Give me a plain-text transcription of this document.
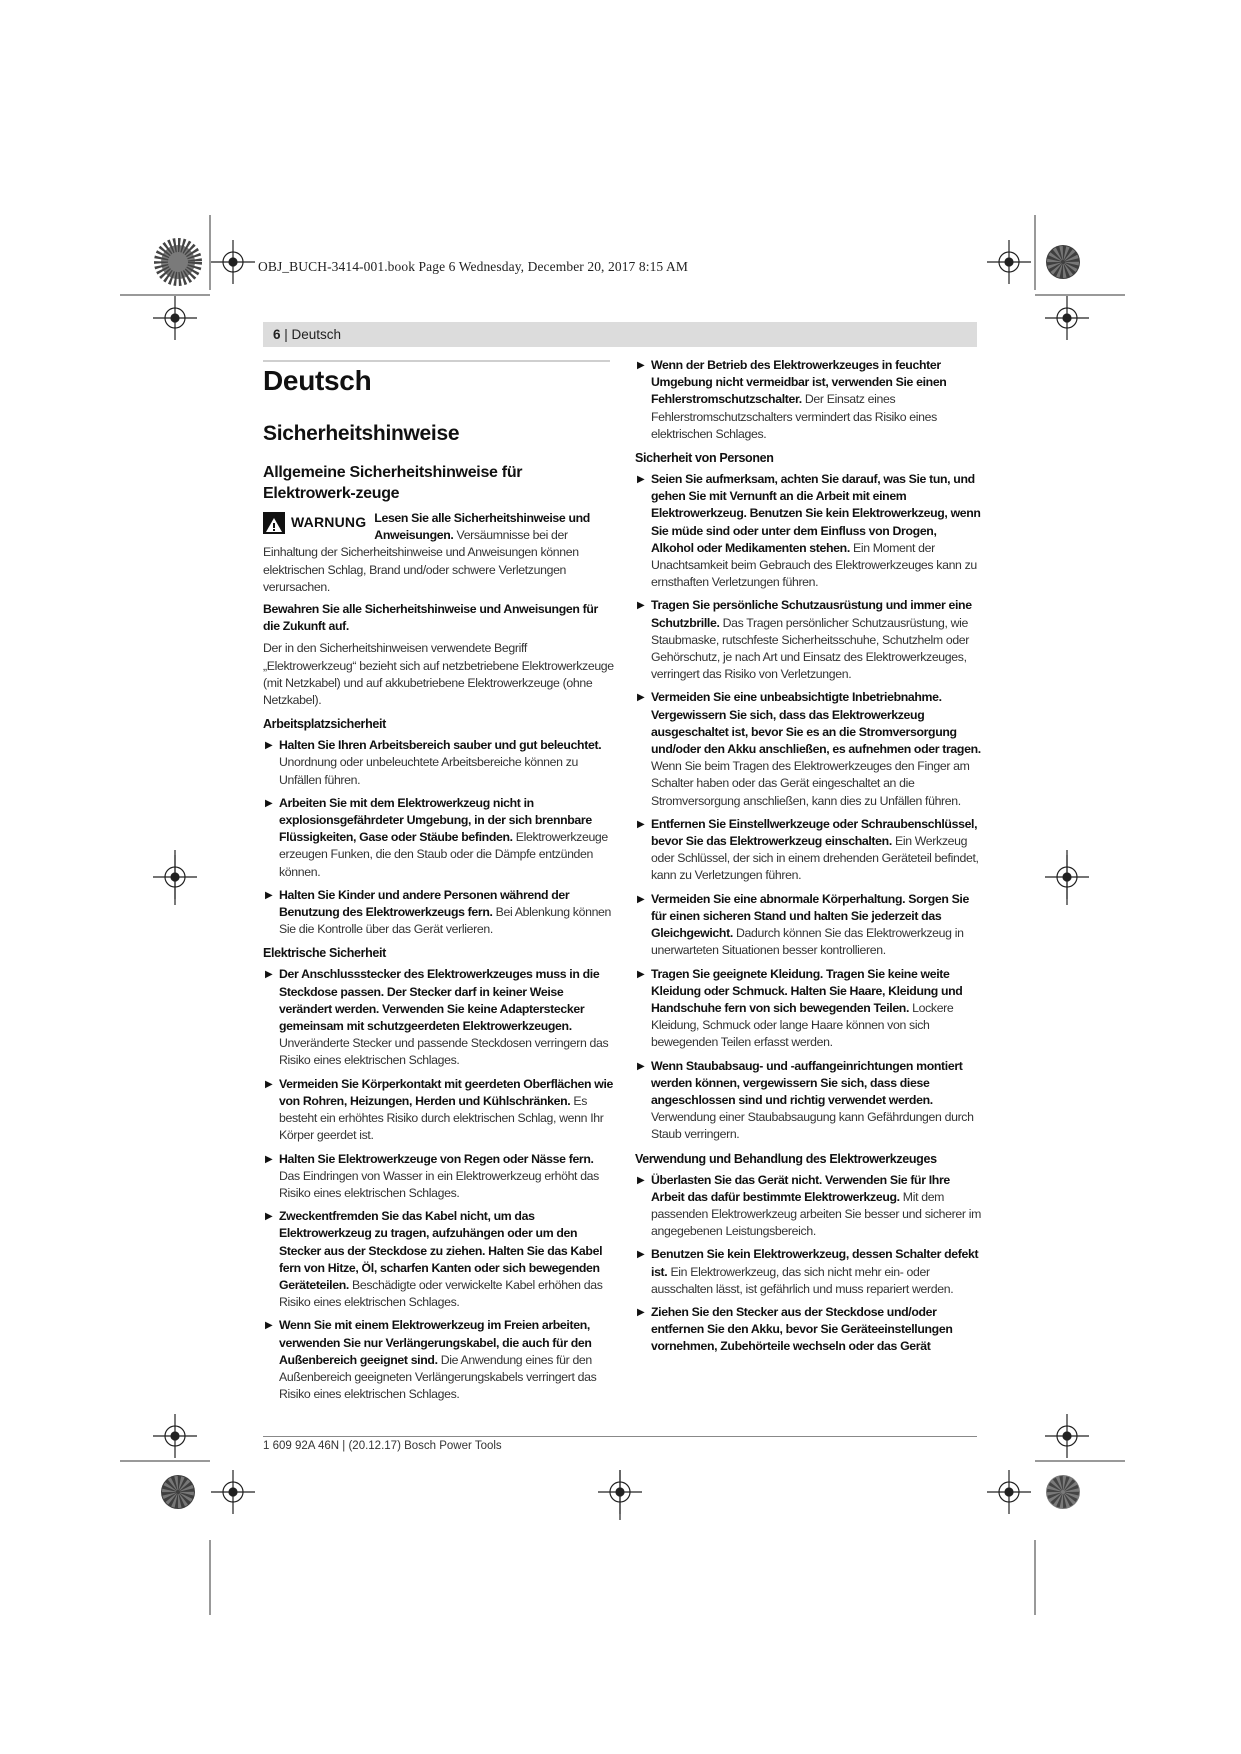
OBJ_BUCH-3414-001.book Page 6 Wednesday, December 20, 2017 8:15 AM
6 | Deutsch
Deutsch
Sicherheitshinweise
Allgemeine Sicherheitshinweise für Elektrowerk-zeuge
WARNUNG Lesen Sie alle Sicherheitshinweise und Anweisungen. Versäumnisse bei der Einhaltung der Sicherheitshinweise und Anweisungen können elektrischen Schlag, Brand und/oder schwere Verletzungen verursachen.

Bewahren Sie alle Sicherheitshinweise und Anweisungen für die Zukunft auf.

Der in den Sicherheitshinweisen verwendete Begriff „Elektrowerkzeug“ bezieht sich auf netzbetriebene Elektrowerkzeuge (mit Netzkabel) und auf akkubetriebene Elektrowerkzeuge (ohne Netzkabel).

Arbeitsplatzsicherheit
▶
Halten Sie Ihren Arbeitsbereich sauber und gut beleuchtet. Unordnung oder unbeleuchtete Arbeitsbereiche können zu Unfällen führen.
▶
Arbeiten Sie mit dem Elektrowerkzeug nicht in explosionsgefährdeter Umgebung, in der sich brennbare Flüssigkeiten, Gase oder Stäube befinden. Elektrowerkzeuge erzeugen Funken, die den Staub oder die Dämpfe entzünden können.
▶
Halten Sie Kinder und andere Personen während der Benutzung des Elektrowerkzeugs fern. Bei Ablenkung können Sie die Kontrolle über das Gerät verlieren.
Elektrische Sicherheit
▶
Der Anschlussstecker des Elektrowerkzeuges muss in die Steckdose passen. Der Stecker darf in keiner Weise verändert werden. Verwenden Sie keine Adapterstecker gemeinsam mit schutzgeerdeten Elektrowerkzeugen. Unveränderte Stecker und passende Steckdosen verringern das Risiko eines elektrischen Schlages.
▶
Vermeiden Sie Körperkontakt mit geerdeten Oberflächen wie von Rohren, Heizungen, Herden und Kühlschränken. Es besteht ein erhöhtes Risiko durch elektrischen Schlag, wenn Ihr Körper geerdet ist.
▶
Halten Sie Elektrowerkzeuge von Regen oder Nässe fern. Das Eindringen von Wasser in ein Elektrowerkzeug erhöht das Risiko eines elektrischen Schlages.
▶
Zweckentfremden Sie das Kabel nicht, um das Elektrowerkzeug zu tragen, aufzuhängen oder um den Stecker aus der Steckdose zu ziehen. Halten Sie das Kabel fern von Hitze, Öl, scharfen Kanten oder sich bewegenden Geräteteilen. Beschädigte oder verwickelte Kabel erhöhen das Risiko eines elektrischen Schlages.
▶
Wenn Sie mit einem Elektrowerkzeug im Freien arbeiten, verwenden Sie nur Verlängerungskabel, die auch für den Außenbereich geeignet sind. Die Anwendung eines für den Außenbereich geeigneten Verlängerungskabels verringert das Risiko eines elektrischen Schlages.
▶
Wenn der Betrieb des Elektrowerkzeuges in feuchter Umgebung nicht vermeidbar ist, verwenden Sie einen Fehlerstromschutzschalter. Der Einsatz eines Fehlerstromschutzschalters vermindert das Risiko eines elektrischen Schlages.
Sicherheit von Personen
▶
Seien Sie aufmerksam, achten Sie darauf, was Sie tun, und gehen Sie mit Vernunft an die Arbeit mit einem Elektrowerkzeug. Benutzen Sie kein Elektrowerkzeug, wenn Sie müde sind oder unter dem Einfluss von Drogen, Alkohol oder Medikamenten stehen. Ein Moment der Unachtsamkeit beim Gebrauch des Elektrowerkzeuges kann zu ernsthaften Verletzungen führen.
▶
Tragen Sie persönliche Schutzausrüstung und immer eine Schutzbrille. Das Tragen persönlicher Schutzausrüstung, wie Staubmaske, rutschfeste Sicherheitsschuhe, Schutzhelm oder Gehörschutz, je nach Art und Einsatz des Elektrowerkzeuges, verringert das Risiko von Verletzungen.
▶
Vermeiden Sie eine unbeabsichtigte Inbetriebnahme. Vergewissern Sie sich, dass das Elektrowerkzeug ausgeschaltet ist, bevor Sie es an die Stromversorgung und/oder den Akku anschließen, es aufnehmen oder tragen. Wenn Sie beim Tragen des Elektrowerkzeuges den Finger am Schalter haben oder das Gerät eingeschaltet an die Stromversorgung anschließen, kann dies zu Unfällen führen.
▶
Entfernen Sie Einstellwerkzeuge oder Schraubenschlüssel, bevor Sie das Elektrowerkzeug einschalten. Ein Werkzeug oder Schlüssel, der sich in einem drehenden Geräteteil befindet, kann zu Verletzungen führen.
▶
Vermeiden Sie eine abnormale Körperhaltung. Sorgen Sie für einen sicheren Stand und halten Sie jederzeit das Gleichgewicht. Dadurch können Sie das Elektrowerkzeug in unerwarteten Situationen besser kontrollieren.
▶
Tragen Sie geeignete Kleidung. Tragen Sie keine weite Kleidung oder Schmuck. Halten Sie Haare, Kleidung und Handschuhe fern von sich bewegenden Teilen. Lockere Kleidung, Schmuck oder lange Haare können von sich bewegenden Teilen erfasst werden.
▶
Wenn Staubabsaug- und -auffangeinrichtungen montiert werden können, vergewissern Sie sich, dass diese angeschlossen sind und richtig verwendet werden. Verwendung einer Staubabsaugung kann Gefährdungen durch Staub verringern.
Verwendung und Behandlung des Elektrowerkzeuges
▶
Überlasten Sie das Gerät nicht. Verwenden Sie für Ihre Arbeit das dafür bestimmte Elektrowerkzeug. Mit dem passenden Elektrowerkzeug arbeiten Sie besser und sicherer im angegebenen Leistungsbereich.
▶
Benutzen Sie kein Elektrowerkzeug, dessen Schalter defekt ist. Ein Elektrowerkzeug, das sich nicht mehr ein- oder ausschalten lässt, ist gefährlich und muss repariert werden.
▶
Ziehen Sie den Stecker aus der Steckdose und/oder entfernen Sie den Akku, bevor Sie Geräteeinstellungen vornehmen, Zubehörteile wechseln oder das Gerät
1 609 92A 46N | (20.12.17) Bosch Power Tools
